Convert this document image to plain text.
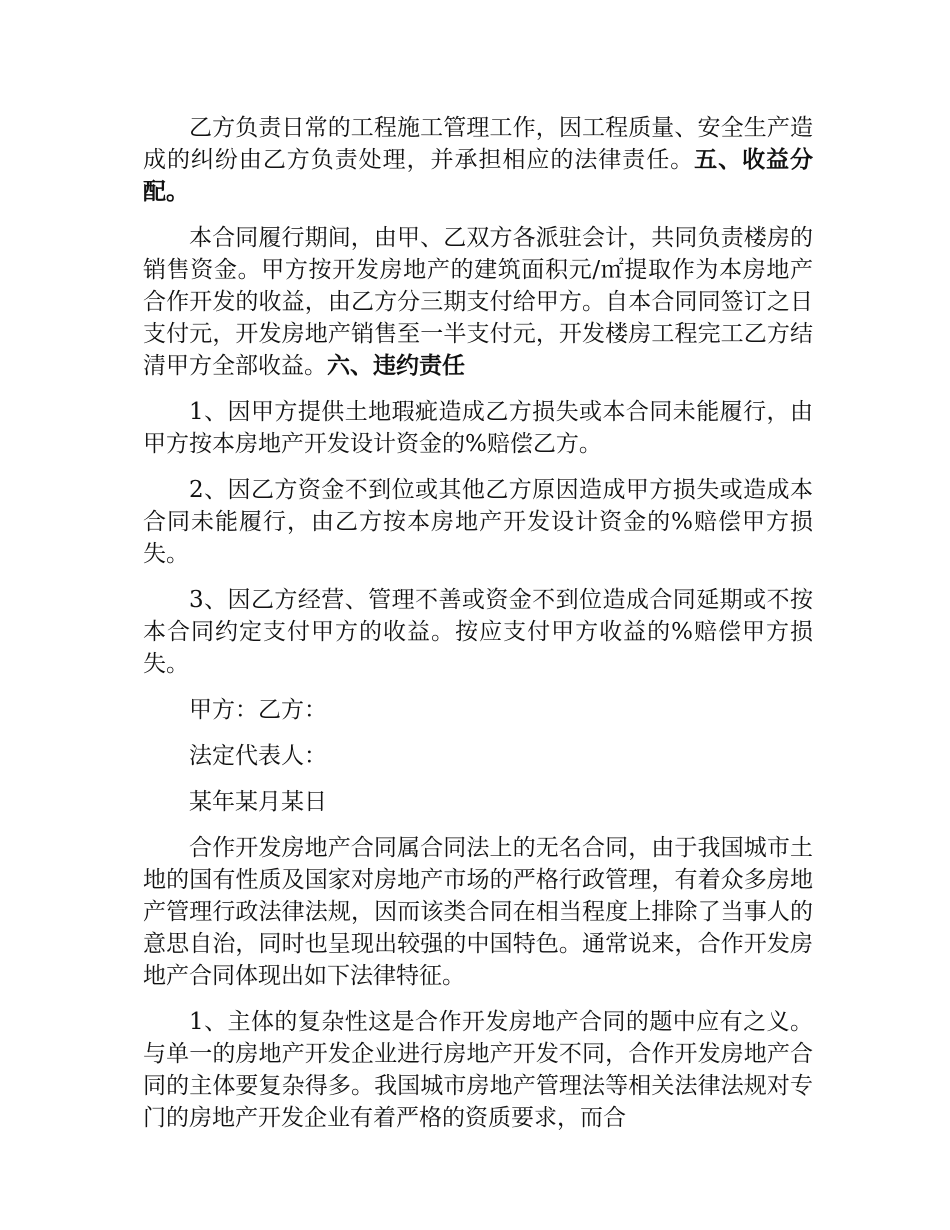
乙方负责日常的工程施工管理工作，因工程质量、安全生产造成的纠纷由乙方负责处理，并承担相应的法律责任。五、收益分配。

本合同履行期间，由甲、乙双方各派驻会计，共同负责楼房的销售资金。甲方按开发房地产的建筑面积元/㎡提取作为本房地产合作开发的收益，由乙方分三期支付给甲方。自本合同同签订之日支付元，开发房地产销售至一半支付元，开发楼房工程完工乙方结清甲方全部收益。六、违约责任

1、因甲方提供土地瑕疵造成乙方损失或本合同未能履行，由甲方按本房地产开发设计资金的%赔偿乙方。

2、因乙方资金不到位或其他乙方原因造成甲方损失或造成本合同未能履行，由乙方按本房地产开发设计资金的%赔偿甲方损失。

3、因乙方经营、管理不善或资金不到位造成合同延期或不按本合同约定支付甲方的收益。按应支付甲方收益的%赔偿甲方损失。

甲方：乙方：

法定代表人：

某年某月某日

合作开发房地产合同属合同法上的无名合同，由于我国城市土地的国有性质及国家对房地产市场的严格行政管理，有着众多房地产管理行政法律法规，因而该类合同在相当程度上排除了当事人的意思自治，同时也呈现出较强的中国特色。通常说来，合作开发房地产合同体现出如下法律特征。

1、主体的复杂性这是合作开发房地产合同的题中应有之义。与单一的房地产开发企业进行房地产开发不同，合作开发房地产合同的主体要复杂得多。我国城市房地产管理法等相关法律法规对专门的房地产开发企业有着严格的资质要求，而合
